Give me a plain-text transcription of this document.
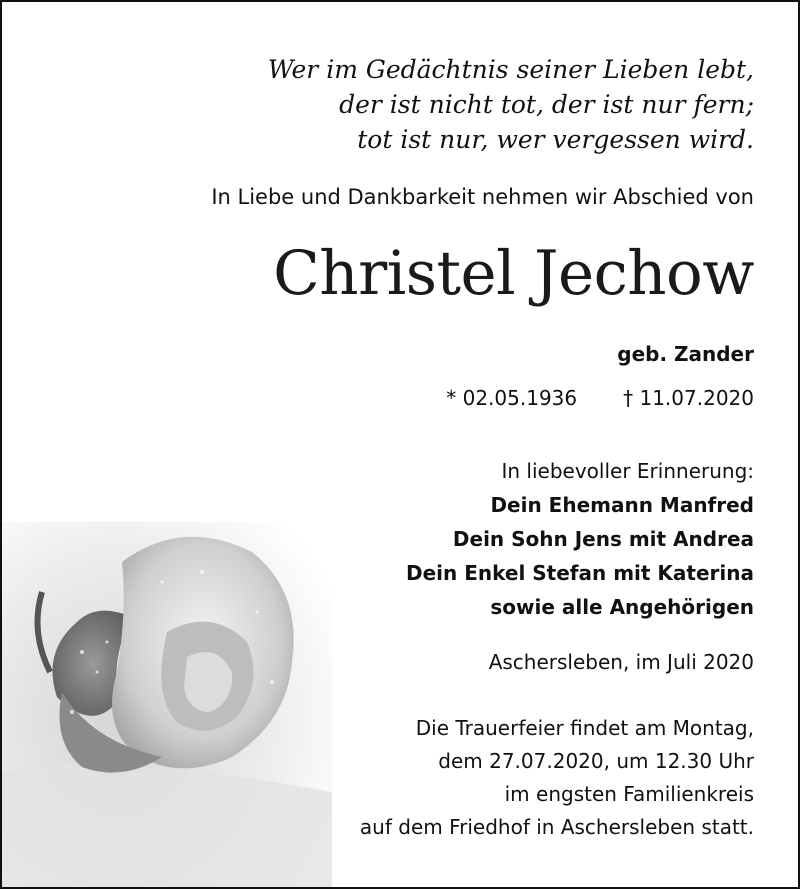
Wer im Gedächtnis seiner Lieben lebt,
der ist nicht tot, der ist nur fern;
tot ist nur, wer vergessen wird.
In Liebe und Dankbarkeit nehmen wir Abschied von
Christel Jechow
geb. Zander
* 02.05.1936 † 11.07.2020
In liebevoller Erinnerung:
Dein Ehemann Manfred
Dein Sohn Jens mit Andrea
Dein Enkel Stefan mit Katerina
sowie alle Angehörigen
Aschersleben, im Juli 2020
Die Trauerfeier findet am Montag,
dem 27.07.2020, um 12.30 Uhr
im engsten Familienkreis
auf dem Friedhof in Aschersleben statt.
